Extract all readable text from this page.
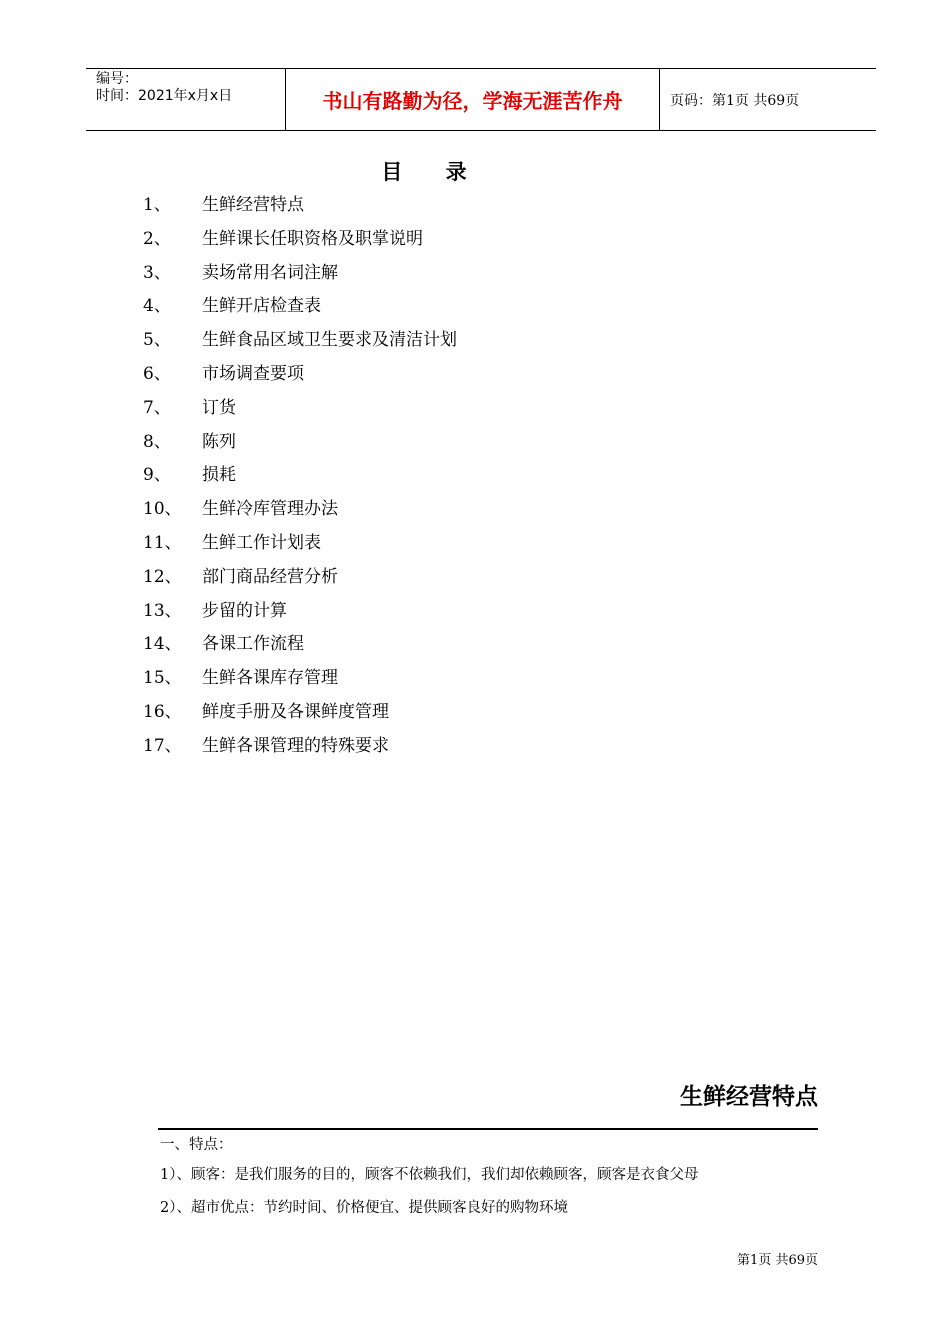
编号：
时间：2021年x月x日	书山有路勤为径，学海无涯苦作舟	页码：第1页 共69页
目 录
1、	生鲜经营特点
2、	生鲜课长任职资格及职掌说明
3、	卖场常用名词注解
4、	生鲜开店检查表
5、	生鲜食品区域卫生要求及清洁计划
6、	市场调查要项
7、	订货
8、	陈列
9、	损耗
10、	生鲜冷库管理办法
11、	生鲜工作计划表
12、	部门商品经营分析
13、	步留的计算
14、	各课工作流程
15、	生鲜各课库存管理
16、	鲜度手册及各课鲜度管理
17、	生鲜各课管理的特殊要求
生鲜经营特点
一、特点：
1）、顾客：是我们服务的目的，顾客不依赖我们，我们却依赖顾客，顾客是衣食父母
2）、超市优点：节约时间、价格便宜、提供顾客良好的购物环境
第1页 共69页
